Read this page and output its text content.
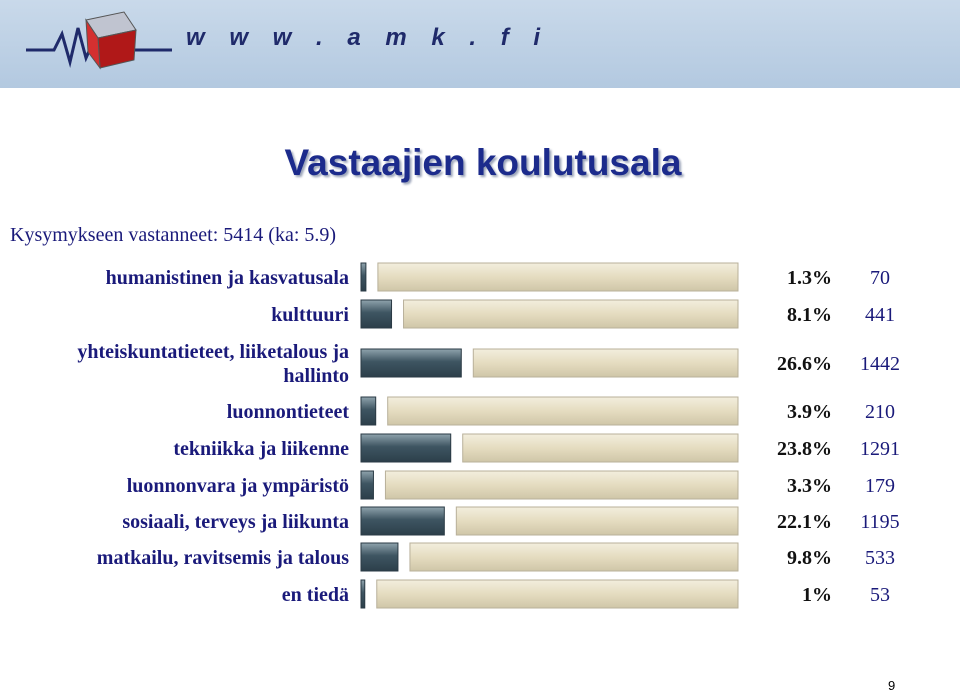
w w w . a m k . f i
Vastaajien koulutusala
Kysymykseen vastanneet: 5414 (ka: 5.9)
humanistinen ja kasvatusala	1.3% 70
kulttuuri	8.1% 441
yhteiskuntatieteet, liiketalous ja
hallinto
26.6% 1442
luonnontieteet	3.9% 210
tekniikka ja liikenne	23.8% 1291
luonnonvara ja ympäristö	3.3% 179
sosiaali, terveys ja liikunta	22.1% 1195
matkailu, ravitsemis ja talous	9.8% 533
en tiedä	1% 53
9
